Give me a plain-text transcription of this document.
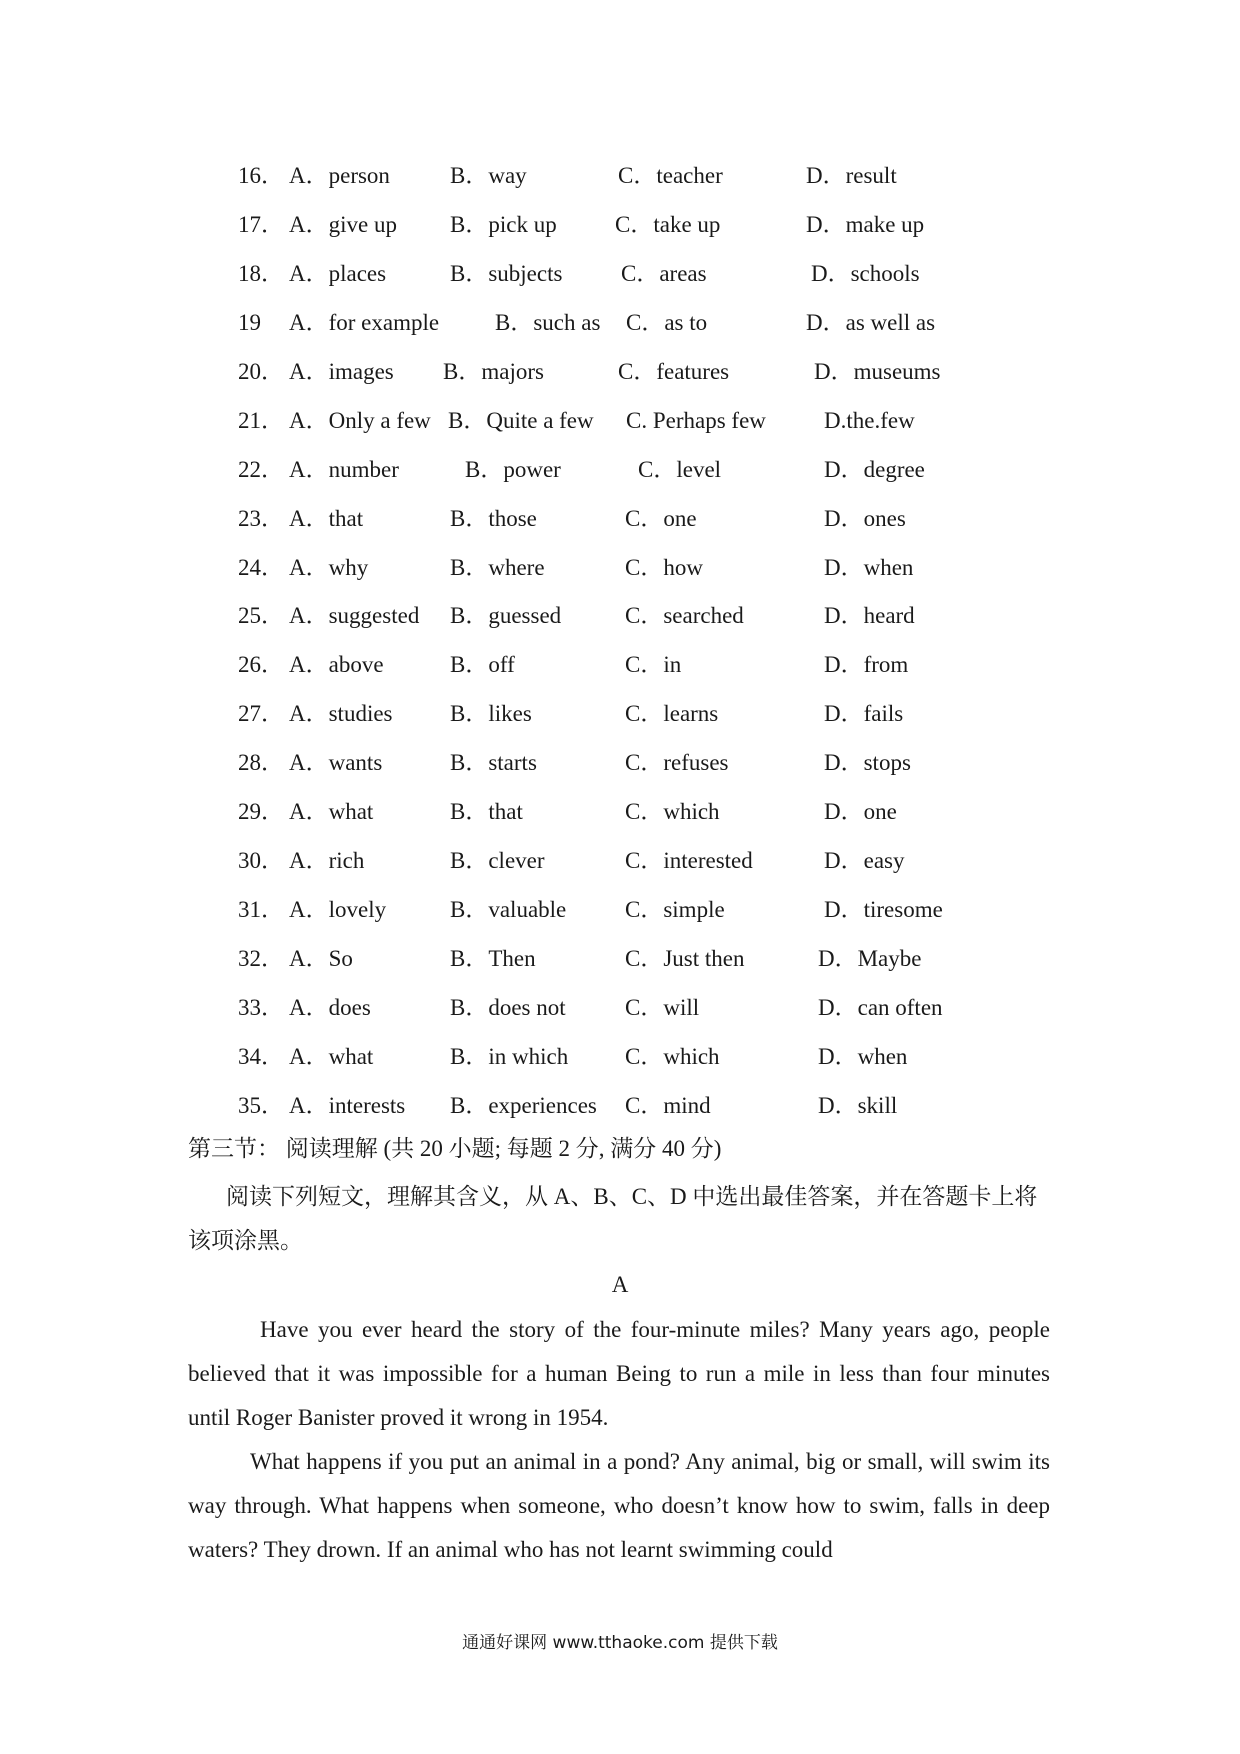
16． A．person	B．way	C．teacher	D．result
17． A．give up B．pick up	C．take up	D．make up
18． A．places	B．subjects	C．areas	D．schools
19 A．for example B．such as C．as to	D．as well as
20． A．images B．majors	C．features	D．museums
21． A．Only a few B．Quite a few C. Perhaps few	D.the.few
22． A．number	B．power	C．level	D．degree
23． A．that	B．those	C．one	D．ones
24． A．why	B．where	C．how	D．when
25． A．suggested B．guessed	C．searched	D．heard
26． A．above	B．off	C．in	D．from
27． A．studies	B．likes	C．learns	D．fails
28． A．wants	B．starts	C．refuses	D．stops
29． A．what	B．that	C．which	D．one
30． A．rich	B．clever	C．interested	D．easy
31． A．lovely	B．valuable	C．simple	D．tiresome
32． A．So	B．Then	C．Just then	D．Maybe
33． A．does	B．does not	C．will	D．can often
34． A．what	B．in which C．which	D．when
35． A．interests B．experiences C．mind	D．skill
第三节： 阅读理解 (共 20 小题; 每题 2 分, 满分 40 分)
阅读下列短文，理解其含义，从 A、B、C、D 中选出最佳答案，并在答题卡上将该项涂黑。
A
Have you ever heard the story of the four-minute miles? Many years ago, people believed that it was impossible for a human Being to run a mile in less than four minutes until Roger Banister proved it wrong in 1954.
What happens if you put an animal in a pond? Any animal, big or small, will swim its way through. What happens when someone, who doesn’t know how to swim, falls in deep waters? They drown. If an animal who has not learnt swimming could
通通好课网 www.tthaoke.com 提供下载
